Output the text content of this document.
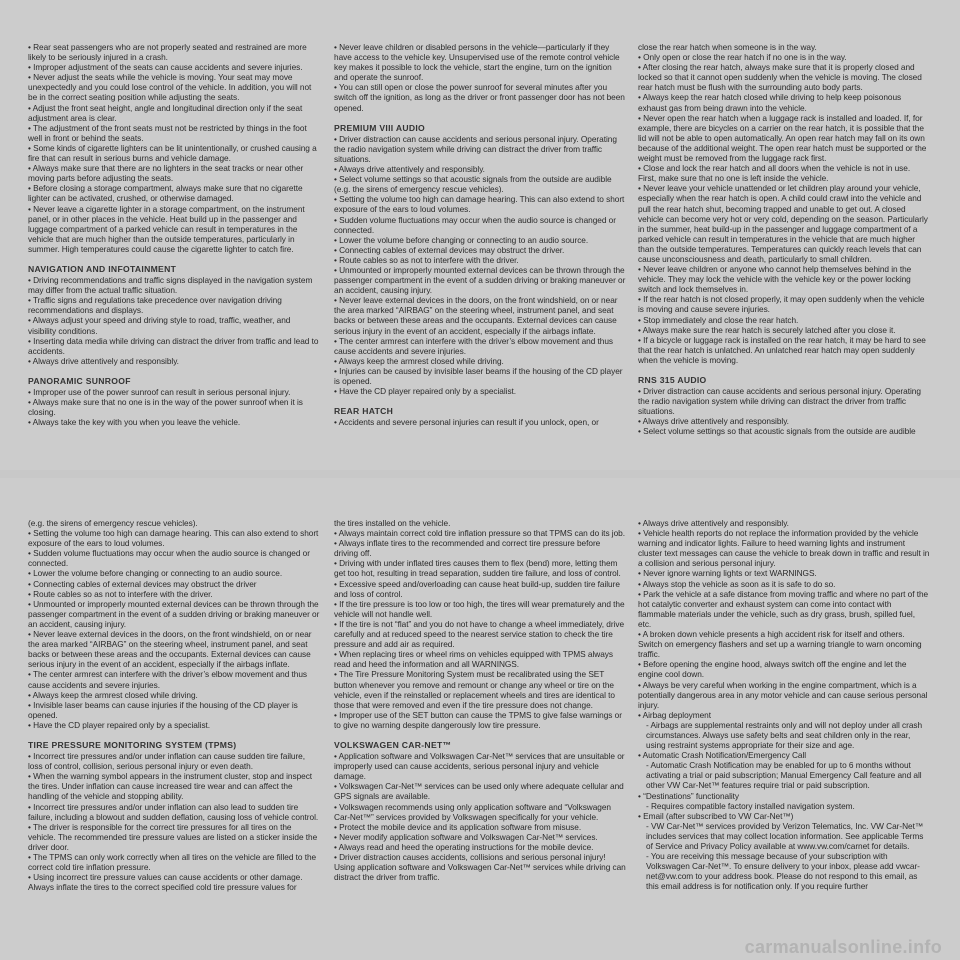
• Rear seat passengers who are not properly seated and restrained are more likely to be seriously injured in a crash.

• Improper adjustment of the seats can cause accidents and severe injuries.

• Never adjust the seats while the vehicle is moving. Your seat may move unexpectedly and you could lose control of the vehicle. In addition, you will not be in the correct seating position while adjusting the seats.

• Adjust the front seat height, angle and longitudinal direction only if the seat adjustment area is clear.

• The adjustment of the front seats must not be restricted by things in the foot well in front or behind the seats.

• Some kinds of cigarette lighters can be lit unintentionally, or crushed causing a fire that can result in serious burns and vehicle damage.

• Always make sure that there are no lighters in the seat tracks or near other moving parts before adjusting the seats.

• Before closing a storage compartment, always make sure that no cigarette lighter can be activated, crushed, or otherwise damaged.

• Never leave a cigarette lighter in a storage compartment, on the instrument panel, or in other places in the vehicle. Heat build up in the passenger and luggage compartment of a parked vehicle can result in temperatures in the vehicle that are much higher than the outside temperatures, particularly in summer. High temperatures could cause the cigarette lighter to catch fire.

NAVIGATION AND INFOTAINMENT

• Driving recommendations and traffic signs displayed in the navigation system may differ from the actual traffic situation.

• Traffic signs and regulations take precedence over navigation driving recommendations and displays.

• Always adjust your speed and driving style to road, traffic, weather, and visibility conditions.

• Inserting data media while driving can distract the driver from traffic and lead to accidents.

• Always drive attentively and responsibly.

PANORAMIC SUNROOF

• Improper use of the power sunroof can result in serious personal injury.

• Always make sure that no one is in the way of the power sunroof when it is closing.

• Always take the key with you when you leave the vehicle.

• Never leave children or disabled persons in the vehicle—particularly if they have access to the vehicle key. Unsupervised use of the remote control vehicle key makes it possible to lock the vehicle, start the engine, turn on the ignition and operate the sunroof.

• You can still open or close the power sunroof for several minutes after you switch off the ignition, as long as the driver or front passenger door has not been opened.

PREMIUM VIII AUDIO

• Driver distraction can cause accidents and serious personal injury. Operating the radio navigation system while driving can distract the driver from traffic situations.

• Always drive attentively and responsibly.

• Select volume settings so that acoustic signals from the outside are audible (e.g. the sirens of emergency rescue vehicles).

• Setting the volume too high can damage hearing. This can also extend to short exposure of the ears to loud volumes.

• Sudden volume fluctuations may occur when the audio source is changed or connected.

• Lower the volume before changing or connecting to an audio source.

• Connecting cables of external devices may obstruct the driver.

• Route cables so as not to interfere with the driver.

• Unmounted or improperly mounted external devices can be thrown through the passenger compartment in the event of a sudden driving or braking maneuver or an accident, causing injury.

• Never leave external devices in the doors, on the front windshield, on or near the area marked “AIRBAG” on the steering wheel, instrument panel, and seat backs or between these areas and the occupants. External devices can cause serious injury in the event of an accident, especially if the airbags inflate.

• The center armrest can interfere with the driver’s elbow movement and thus cause accidents and severe injuries.

• Always keep the armrest closed while driving.

• Injuries can be caused by invisible laser beams if the housing of the CD player is opened.

• Have the CD player repaired only by a specialist.

REAR HATCH

• Accidents and severe personal injuries can result if you unlock, open, or

close the rear hatch when someone is in the way.

• Only open or close the rear hatch if no one is in the way.

• After closing the rear hatch, always make sure that it is properly closed and locked so that it cannot open suddenly when the vehicle is moving. The closed rear hatch must be flush with the surrounding auto body parts.

• Always keep the rear hatch closed while driving to help keep poisonous exhaust gas from being drawn into the vehicle.

• Never open the rear hatch when a luggage rack is installed and loaded. If, for example, there are bicycles on a carrier on the rear hatch, it is possible that the lid will not be able to open automatically. An open rear hatch may fall on its own because of the additional weight. The open rear hatch must be supported or the weight must be removed from the luggage rack first.

• Close and lock the rear hatch and all doors when the vehicle is not in use. First, make sure that no one is left inside the vehicle.

• Never leave your vehicle unattended or let children play around your vehicle, especially when the rear hatch is open. A child could crawl into the vehicle and pull the rear hatch shut, becoming trapped and unable to get out. A closed vehicle can become very hot or very cold, depending on the season. Particularly in the summer, heat build-up in the passenger and luggage compartment of a parked vehicle can result in temperatures in the vehicle that are much higher than the outside temperatures. Temperatures can quickly reach levels that can cause unconsciousness and death, particularly to small children.

• Never leave children or anyone who cannot help themselves behind in the vehicle. They may lock the vehicle with the vehicle key or the power locking switch and lock themselves in.

• If the rear hatch is not closed properly, it may open suddenly when the vehicle is moving and cause severe injuries.

• Stop immediately and close the rear hatch.

• Always make sure the rear hatch is securely latched after you close it.

• If a bicycle or luggage rack is installed on the rear hatch, it may be hard to see that the rear hatch is unlatched. An unlatched rear hatch may open suddenly when the vehicle is moving.

RNS 315 AUDIO

• Driver distraction can cause accidents and serious personal injury. Operating the radio navigation system while driving can distract the driver from traffic situations.

• Always drive attentively and responsibly.

• Select volume settings so that acoustic signals from the outside are audible

(e.g. the sirens of emergency rescue vehicles).

• Setting the volume too high can damage hearing. This can also extend to short exposure of the ears to loud volumes.

• Sudden volume fluctuations may occur when the audio source is changed or connected.

• Lower the volume before changing or connecting to an audio source.

• Connecting cables of external devices may obstruct the driver

• Route cables so as not to interfere with the driver.

• Unmounted or improperly mounted external devices can be thrown through the passenger compartment in the event of a sudden driving or braking maneuver or an accident, causing injury.

• Never leave external devices in the doors, on the front windshield, on or near the area marked “AIRBAG” on the steering wheel, instrument panel, and seat backs or between these areas and the occupants. External devices can cause serious injury in the event of an accident, especially if the airbags inflate.

• The center armrest can interfere with the driver’s elbow movement and thus cause accidents and severe injuries.

• Always keep the armrest closed while driving.

• Invisible laser beams can cause injuries if the housing of the CD player is opened.

• Have the CD player repaired only by a specialist.

TIRE PRESSURE MONITORING SYSTEM (TPMS)

• Incorrect tire pressures and/or under inflation can cause sudden tire failure, loss of control, collision, serious personal injury or even death.

• When the warning symbol appears in the instrument cluster, stop and inspect the tires. Under inflation can cause increased tire wear and can affect the handling of the vehicle and stopping ability.

• Incorrect tire pressures and/or under inflation can also lead to sudden tire failure, including a blowout and sudden deflation, causing loss of vehicle control.

• The driver is responsible for the correct tire pressures for all tires on the vehicle. The recommended tire pressure values are listed on a sticker inside the driver door.

• The TPMS can only work correctly when all tires on the vehicle are filled to the correct cold tire inflation pressure.

• Using incorrect tire pressure values can cause accidents or other damage. Always inflate the tires to the correct specified cold tire pressure values for

the tires installed on the vehicle.

• Always maintain correct cold tire inflation pressure so that TPMS can do its job.

• Always inflate tires to the recommended and correct tire pressure before driving off.

• Driving with under inflated tires causes them to flex (bend) more, letting them get too hot, resulting in tread separation, sudden tire failure, and loss of control.

• Excessive speed and/overloading can cause heat build-up, sudden tire failure and loss of control.

• If the tire pressure is too low or too high, the tires will wear prematurely and the vehicle will not handle well.

• If the tire is not “flat” and you do not have to change a wheel immediately, drive carefully and at reduced speed to the nearest service station to check the tire pressure and add air as required.

• When replacing tires or wheel rims on vehicles equipped with TPMS always read and heed the information and all WARNINGS.

• The Tire Pressure Monitoring System must be recalibrated using the SET button whenever you remove and remount or change any wheel or tire on the vehicle, even if the reinstalled or replacement wheels and tires are identical to those that were removed and even if the tire pressure does not change.

• Improper use of the SET button can cause the TPMS to give false warnings or to give no warning despite dangerously low tire pressure.

VOLKSWAGEN CAR-NET™

• Application software and Volkswagen Car-Net™ services that are unsuitable or improperly used can cause accidents, serious personal injury and vehicle damage.

• Volkswagen Car-Net™ services can be used only where adequate cellular and GPS signals are available.

• Volkswagen recommends using only application software and “Volkswagen Car-Net™” services provided by Volkswagen specifically for your vehicle.

• Protect the mobile device and its application software from misuse.

• Never modify application software and Volkswagen Car-Net™ services.

• Always read and heed the operating instructions for the mobile device.

• Driver distraction causes accidents, collisions and serious personal injury! Using application software and Volkswagen Car-Net™ services while driving can distract the driver from traffic.

• Always drive attentively and responsibly.

• Vehicle health reports do not replace the information provided by the vehicle warning and indicator lights. Failure to heed warning lights and instrument cluster text messages can cause the vehicle to break down in traffic and result in a collision and serious personal injury.

• Never ignore warning lights or text WARNINGS.

• Always stop the vehicle as soon as it is safe to do so.

• Park the vehicle at a safe distance from moving traffic and where no part of the hot catalytic converter and exhaust system can come into contact with flammable materials under the vehicle, such as dry grass, brush, spilled fuel, etc.

• A broken down vehicle presents a high accident risk for itself and others. Switch on emergency flashers and set up a warning triangle to warn oncoming traffic.

• Before opening the engine hood, always switch off the engine and let the engine cool down.

• Always be very careful when working in the engine compartment, which is a potentially dangerous area in any motor vehicle and can cause serious personal injury.

• Airbag deployment

- Airbags are supplemental restraints only and will not deploy under all crash circumstances. Always use safety belts and seat children only in the rear, using restraint systems appropriate for their size and age.

• Automatic Crash Notification/Emergency Call

- Automatic Crash Notification may be enabled for up to 6 months without activating a trial or paid subscription; Manual Emergency Call feature and all other VW Car-Net™ features require trial or paid subscription.

• “Destinations” functionality

- Requires compatible factory installed navigation system.

• Email (after subscribed to VW Car-Net™)

- VW Car-Net™ services provided by Verizon Telematics, Inc. VW Car-Net™ includes services that may collect location information. See applicable Terms of Service and Privacy Policy available at www.vw.com/carnet for details.

- You are receiving this message because of your subscription with Volkswagen Car-Net™. To ensure delivery to your inbox, please add vwcar-net@vw.com to your address book. Please do not respond to this email, as this email address is for notification only. If you require further

carmanualsonline.info
